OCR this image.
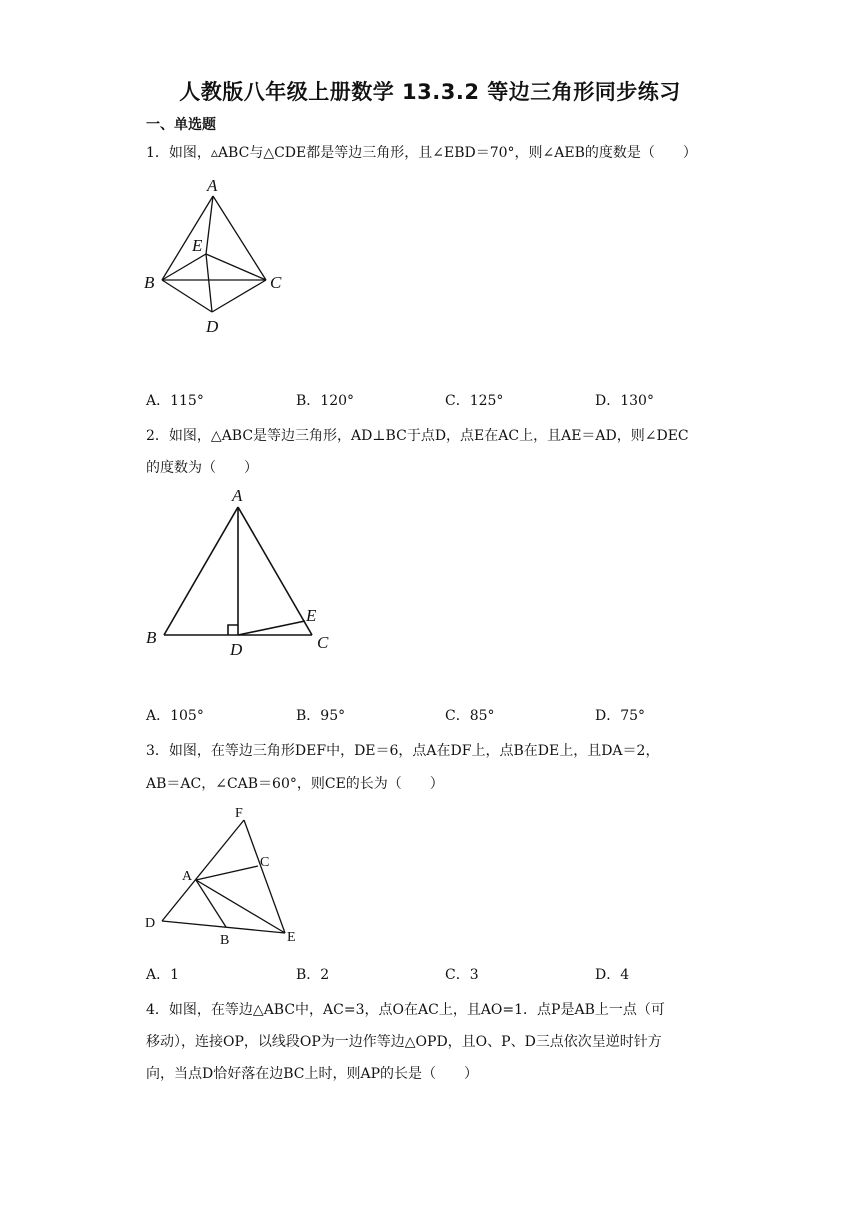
人教版八年级上册数学 13.3.2 等边三角形同步练习
一、单选题
1．如图，▵ABC与△CDE都是等边三角形，且∠EBD＝70°，则∠AEB的度数是（　　）
A
E
B	C
D
A．115°	B．120°	C．125°	D．130°
2．如图，△ABC是等边三角形，AD⊥BC于点D，点E在AC上，且AE＝AD，则∠DEC
的度数为（　　）
A
B
D
E
C
A．105°	B．95°	C．85°	D．75°
3．如图，在等边三角形DEF中，DE＝6，点A在DF上，点B在DE上，且DA＝2，
AB＝AC，∠CAB＝60°，则CE的长为（　　）
F
C
A
D
B	E
A．1	B．2	C．3	D．4
4．如图，在等边△ABC中，AC=3，点O在AC上，且AO=1．点P是AB上一点（可
移动），连接OP，以线段OP为一边作等边△OPD，且O、P、D三点依次呈逆时针方
向，当点D恰好落在边BC上时，则AP的长是（　　）
